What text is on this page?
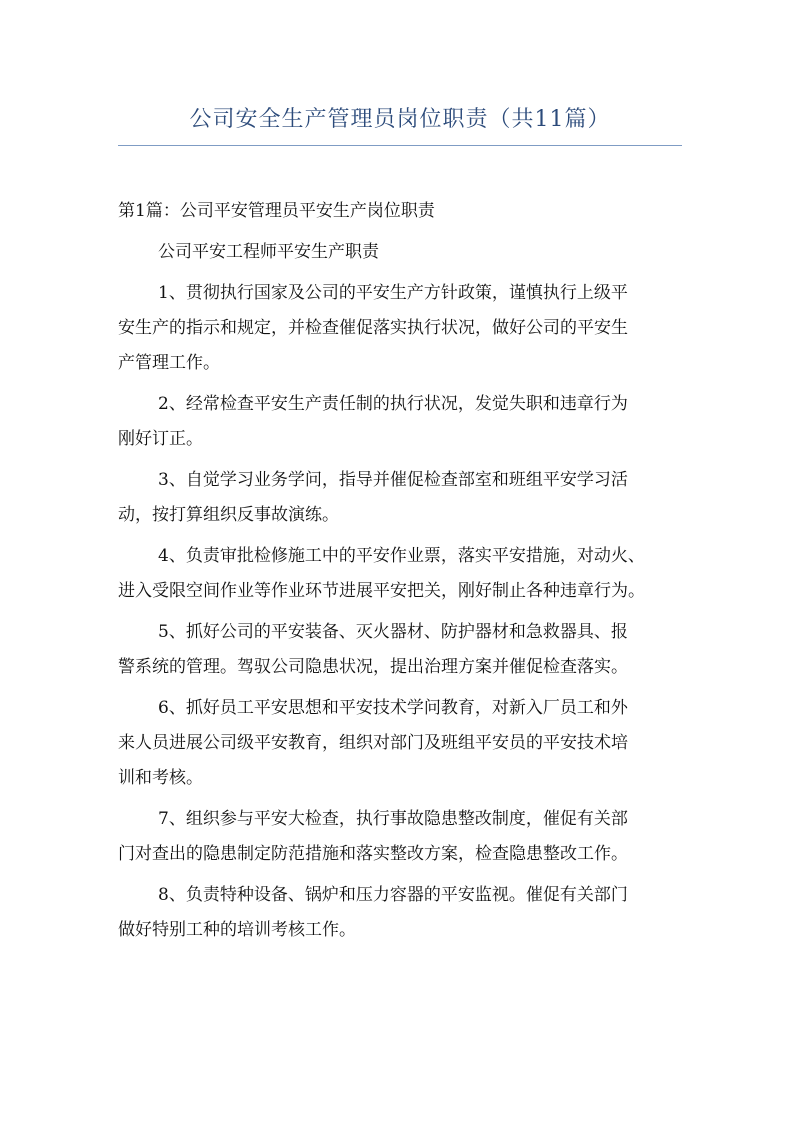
公司安全生产管理员岗位职责（共11篇）
第1篇：公司平安管理员平安生产岗位职责
公司平安工程师平安生产职责
1、贯彻执行国家及公司的平安生产方针政策，谨慎执行上级平
安生产的指示和规定，并检查催促落实执行状况，做好公司的平安生
产管理工作。
2、经常检查平安生产责任制的执行状况，发觉失职和违章行为
刚好订正。
3、自觉学习业务学问，指导并催促检查部室和班组平安学习活
动，按打算组织反事故演练。
4、负责审批检修施工中的平安作业票，落实平安措施，对动火、
进入受限空间作业等作业环节进展平安把关，刚好制止各种违章行为。
5、抓好公司的平安装备、灭火器材、防护器材和急救器具、报
警系统的管理。驾驭公司隐患状况，提出治理方案并催促检查落实。
6、抓好员工平安思想和平安技术学问教育，对新入厂员工和外
来人员进展公司级平安教育，组织对部门及班组平安员的平安技术培
训和考核。
7、组织参与平安大检查，执行事故隐患整改制度，催促有关部
门对查出的隐患制定防范措施和落实整改方案，检查隐患整改工作。
8、负责特种设备、锅炉和压力容器的平安监视。催促有关部门
做好特别工种的培训考核工作。
